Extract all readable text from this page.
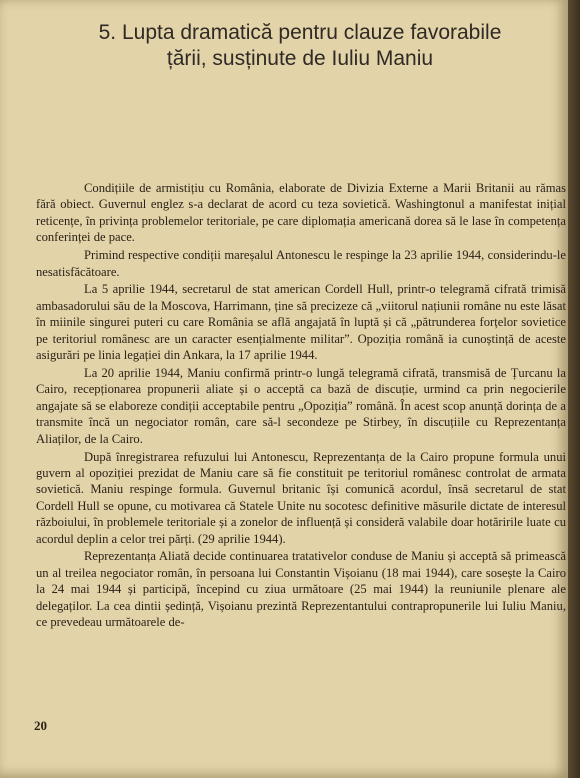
5. Lupta dramatică pentru clauze favorabile
țării, susținute de Iuliu Maniu

Condițiile de armistițiu cu România, elaborate de Divizia Externe a Marii Britanii au rămas fără obiect. Guvernul englez s-a declarat de acord cu teza sovietică. Washingtonul a manifestat inițial reticențe, în privința problemelor teritoriale, pe care diplomația americană dorea să le lase în competența conferinței de pace.

Primind respective condiții mareșalul Antonescu le respinge la 23 aprilie 1944, considerindu-le nesatisfăcătoare.

La 5 aprilie 1944, secretarul de stat american Cordell Hull, printr-o telegramă cifrată trimisă ambasadorului său de la Moscova, Harrimann, ține să precizeze că „viitorul națiunii române nu este lăsat în miinile singurei puteri cu care România se află angajată în luptă și că „pătrunderea forțelor sovietice pe teritoriul românesc are un caracter esențialmente militar”. Opoziția română ia cunoștință de aceste asigurări pe linia legației din Ankara, la 17 aprilie 1944.

La 20 aprilie 1944, Maniu confirmă printr-o lungă telegramă cifrată, transmisă de Țurcanu la Cairo, recepționarea propunerii aliate și o acceptă ca bază de discuție, urmind ca prin negocierile angajate să se elaboreze condiții acceptabile pentru „Opoziția” română. În acest scop anunță dorința de a transmite încă un negociator român, care să-l secondeze pe Stirbey, în discuțiile cu Reprezentanța Aliaților, de la Cairo.

După înregistrarea refuzului lui Antonescu, Reprezentanța de la Cairo propune formula unui guvern al opoziției prezidat de Maniu care să fie constituit pe teritoriul românesc controlat de armata sovietică. Maniu respinge formula. Guvernul britanic își comunică acordul, însă secretarul de stat Cordell Hull se opune, cu motivarea că Statele Unite nu socotesc definitive măsurile dictate de interesul războiului, în problemele teritoriale și a zonelor de influență și consideră valabile doar hotăririle luate cu acordul deplin a celor trei părți. (29 aprilie 1944).

Reprezentanța Aliată decide continuarea tratativelor conduse de Maniu și acceptă să primească un al treilea negociator român, în persoana lui Constantin Vișoianu (18 mai 1944), care sosește la Cairo la 24 mai 1944 și participă, începind cu ziua următoare (25 mai 1944) la reuniunile plenare ale delegaților. La cea dintii ședință, Vișoianu prezintă Reprezentantului contrapropunerile lui Iuliu Maniu, ce prevedeau următoarele de-

20
